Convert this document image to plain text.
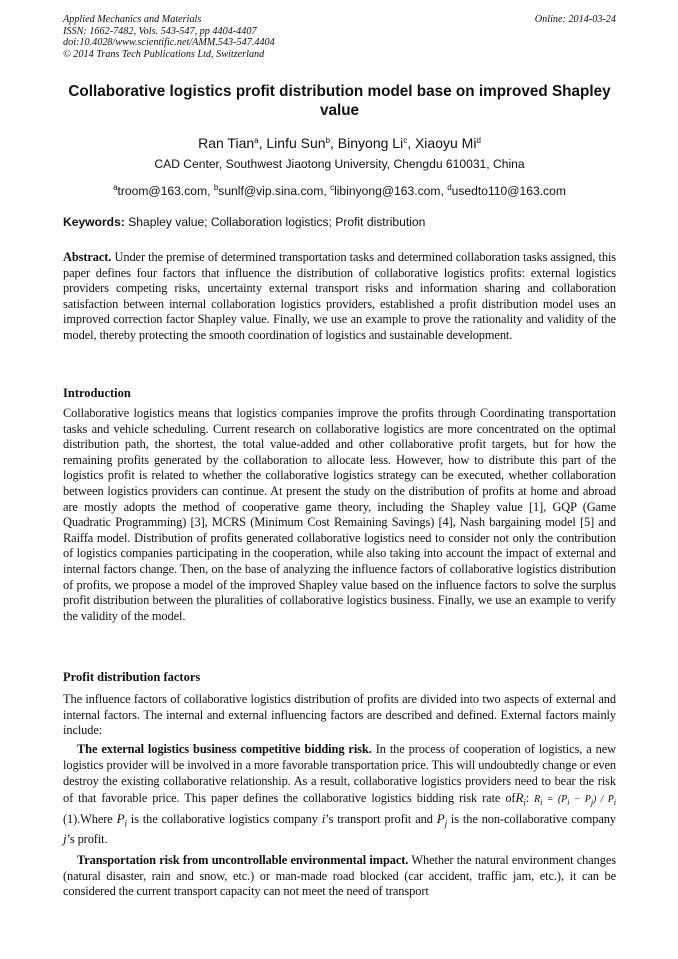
Applied Mechanics and Materials
ISSN: 1662-7482, Vols. 543-547, pp 4404-4407
doi:10.4028/www.scientific.net/AMM.543-547.4404
© 2014 Trans Tech Publications Ltd, Switzerland
Online: 2014-03-24
Collaborative logistics profit distribution model base on improved Shapley value
Ran Tian$^a$, Linfu Sun$^b$, Binyong Li$^c$, Xiaoyu Mi$^d$
CAD Center, Southwest Jiaotong University, Chengdu 610031, China
$^a$troom@163.com, $^b$sunlf@vip.sina.com, $^c$libinyong@163.com, $^d$usedto110@163.com
Keywords: Shapley value; Collaboration logistics; Profit distribution
Abstract. Under the premise of determined transportation tasks and determined collaboration tasks assigned, this paper defines four factors that influence the distribution of collaborative logistics profits: external logistics providers competing risks, uncertainty external transport risks and information sharing and collaboration satisfaction between internal collaboration logistics providers, established a profit distribution model uses an improved correction factor Shapley value. Finally, we use an example to prove the rationality and validity of the model, thereby protecting the smooth coordination of logistics and sustainable development.
Introduction
Collaborative logistics means that logistics companies improve the profits through Coordinating transportation tasks and vehicle scheduling. Current research on collaborative logistics are more concentrated on the optimal distribution path, the shortest, the total value-added and other collaborative profit targets, but for how the remaining profits generated by the collaboration to allocate less. However, how to distribute this part of the logistics profit is related to whether the collaborative logistics strategy can be executed, whether collaboration between logistics providers can continue. At present the study on the distribution of profits at home and abroad are mostly adopts the method of cooperative game theory, including the Shapley value [1], GQP (Game Quadratic Programming) [3], MCRS (Minimum Cost Remaining Savings) [4], Nash bargaining model [5] and Raiffa model. Distribution of profits generated collaborative logistics need to consider not only the contribution of logistics companies participating in the cooperation, while also taking into account the impact of external and internal factors change. Then, on the base of analyzing the influence factors of collaborative logistics distribution of profits, we propose a model of the improved Shapley value based on the influence factors to solve the surplus profit distribution between the pluralities of collaborative logistics business. Finally, we use an example to verify the validity of the model.
Profit distribution factors
The influence factors of collaborative logistics distribution of profits are divided into two aspects of external and internal factors. The internal and external influencing factors are described and defined. External factors mainly include:
The external logistics business competitive bidding risk. In the process of cooperation of logistics, a new logistics provider will be involved in a more favorable transportation price. This will undoubtedly change or even destroy the existing collaborative relationship. As a result, collaborative logistics providers need to bear the risk of that favorable price. This paper defines the collaborative logistics bidding risk rate ofR$_i$: $R_i = (P_i - P_j) / P_i$ (1).Where $P_i$ is the collaborative logistics company i’s transport profit and $P_j$ is the non-collaborative company j’s profit.
Transportation risk from uncontrollable environmental impact. Whether the natural environment changes (natural disaster, rain and snow, etc.) or man-made road blocked (car accident, traffic jam, etc.), it can be considered the current transport capacity can not meet the need of transport
